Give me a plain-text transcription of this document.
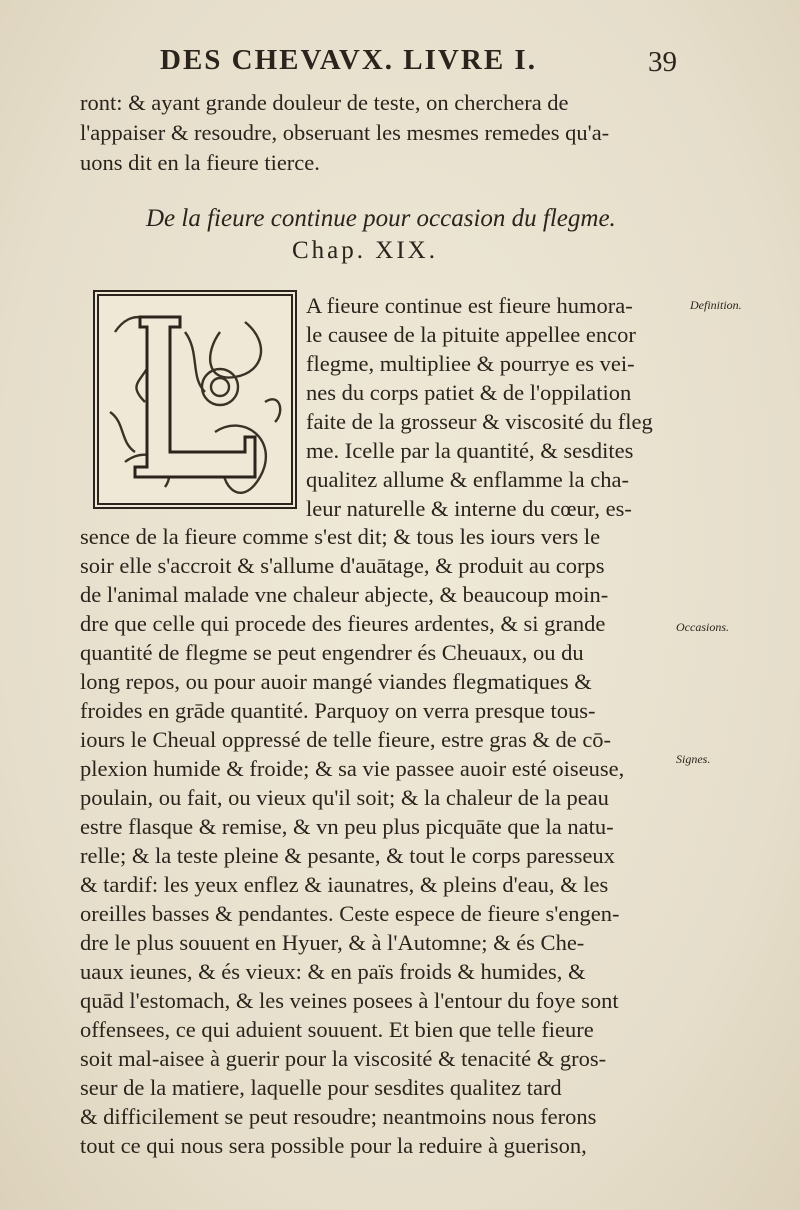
DES CHEVAVX. LIVRE I.	39
ront: & ayant grande douleur de teste, on cherchera de
l'appaiser & resoudre, obseruant les mesmes remedes qu'a-
uons dit en la fieure tierce.
De la fieure continue pour occasion du flegme.
Chap. XIX.
A fieure continue est fieure humora-
le causee de la pituite appellee encor
flegme, multipliee & pourrye es vei-
nes du corps patiet & de l'oppilation
faite de la grosseur & viscosité du fleg
me. Icelle par la quantité, & sesdites
qualitez allume & enflamme la cha-
leur naturelle & interne du cœur, es-
sence de la fieure comme s'est dit; & tous les iours vers le
soir elle s'accroit & s'allume d'auātage, & produit au corps
de l'animal malade vne chaleur abjecte, & beaucoup moin-
dre que celle qui procede des fieures ardentes, & si grande
quantité de flegme se peut engendrer és Cheuaux, ou du
long repos, ou pour auoir mangé viandes flegmatiques &
froides en grāde quantité. Parquoy on verra presque tous-
iours le Cheual oppressé de telle fieure, estre gras & de cō-
plexion humide & froide; & sa vie passee auoir esté oiseuse,
poulain, ou fait, ou vieux qu'il soit; & la chaleur de la peau
estre flasque & remise, & vn peu plus picquāte que la natu-
relle; & la teste pleine & pesante, & tout le corps paresseux
& tardif: les yeux enflez & iaunatres, & pleins d'eau, & les
oreilles basses & pendantes. Ceste espece de fieure s'engen-
dre le plus souuent en Hyuer, & à l'Automne; & és Che-
uaux ieunes, & és vieux: & en païs froids & humides, &
quād l'estomach, & les veines posees à l'entour du foye sont
offensees, ce qui aduient souuent. Et bien que telle fieure
soit mal-aisee à guerir pour la viscosité & tenacité & gros-
seur de la matiere, laquelle pour sesdites qualitez tard
& difficilement se peut resoudre; neantmoins nous ferons
tout ce qui nous sera possible pour la reduire à guerison,
Definition.
Occasions.
Signes.
